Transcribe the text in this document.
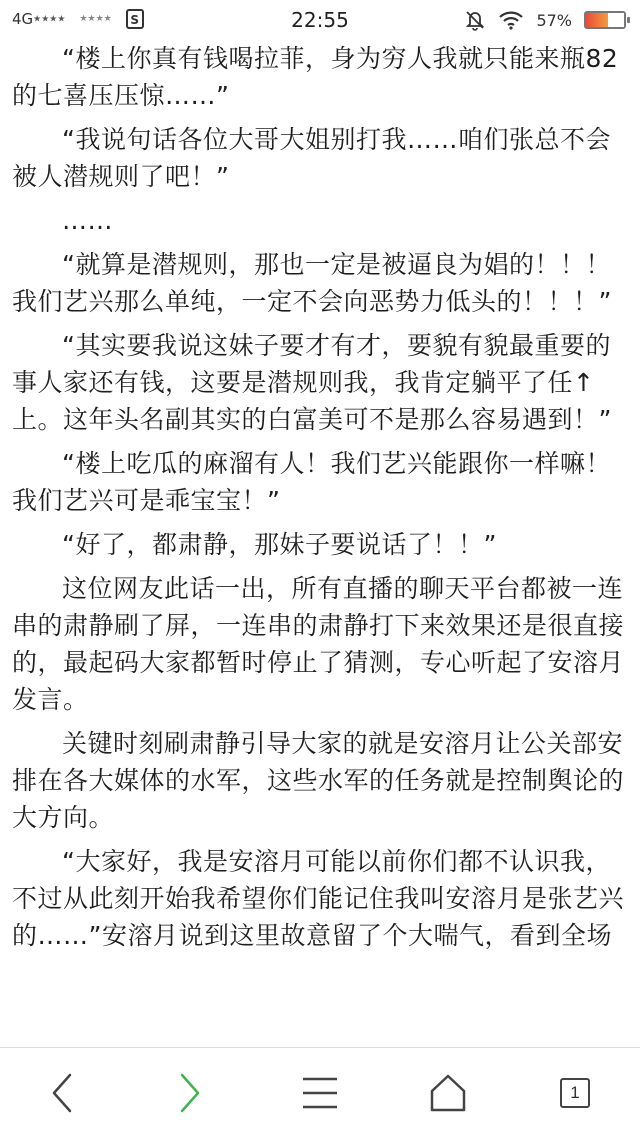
4G★★★★ ★★★★	S	22:55	57%

“楼上你真有钱喝拉菲，身为穷人我就只能来瓶82的七喜压压惊……”

“我说句话各位大哥大姐别打我……咱们张总不会被人潜规则了吧！”

……

“就算是潜规则，那也一定是被逼良为娼的！！！我们艺兴那么单纯，一定不会向恶势力低头的！！！”

“其实要我说这妹子要才有才，要貌有貌最重要的事人家还有钱，这要是潜规则我，我肯定躺平了任↑上。这年头名副其实的白富美可不是那么容易遇到！”

“楼上吃瓜的麻溜有人！我们艺兴能跟你一样嘛！我们艺兴可是乖宝宝！”

“好了，都肃静，那妹子要说话了！！”

这位网友此话一出，所有直播的聊天平台都被一连串的肃静刷了屏，一连串的肃静打下来效果还是很直接的，最起码大家都暂时停止了猜测，专心听起了安溶月发言。

关键时刻刷肃静引导大家的就是安溶月让公关部安排在各大媒体的水军，这些水军的任务就是控制舆论的大方向。

“大家好，我是安溶月可能以前你们都不认识我，不过从此刻开始我希望你们能记住我叫安溶月是张艺兴的……”安溶月说到这里故意留了个大喘气，看到全场

1
